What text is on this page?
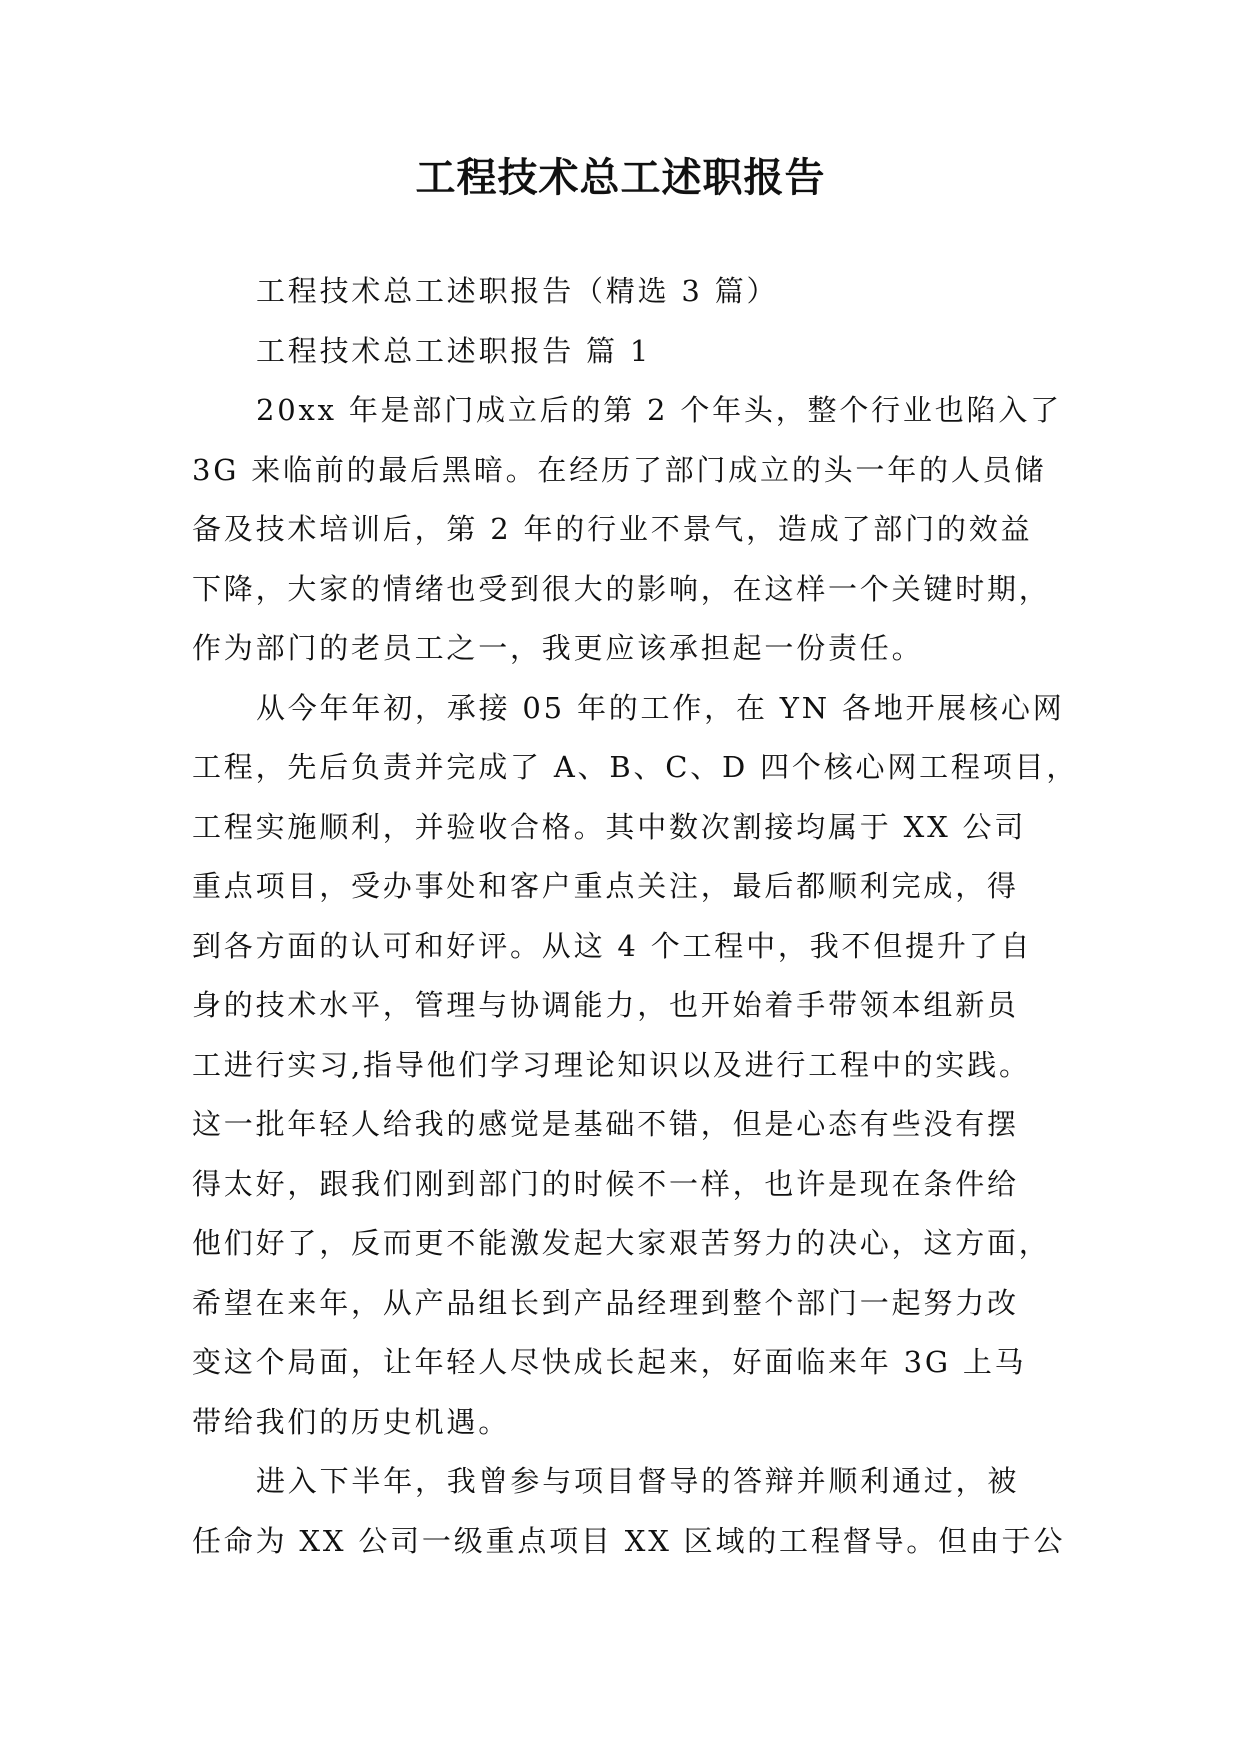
工程技术总工述职报告
工程技术总工述职报告（精选 3 篇）
工程技术总工述职报告 篇 1
20xx 年是部门成立后的第 2 个年头，整个行业也陷入了
3G 来临前的最后黑暗。在经历了部门成立的头一年的人员储
备及技术培训后，第 2 年的行业不景气，造成了部门的效益
下降，大家的情绪也受到很大的影响，在这样一个关键时期，
作为部门的老员工之一，我更应该承担起一份责任。
从今年年初，承接 05 年的工作，在 YN 各地开展核心网
工程，先后负责并完成了 A、B、C、D 四个核心网工程项目，
工程实施顺利，并验收合格。其中数次割接均属于 XX 公司
重点项目，受办事处和客户重点关注，最后都顺利完成，得
到各方面的认可和好评。从这 4 个工程中，我不但提升了自
身的技术水平，管理与协调能力，也开始着手带领本组新员
工进行实习,指导他们学习理论知识以及进行工程中的实践。
这一批年轻人给我的感觉是基础不错，但是心态有些没有摆
得太好，跟我们刚到部门的时候不一样，也许是现在条件给
他们好了，反而更不能激发起大家艰苦努力的决心，这方面，
希望在来年，从产品组长到产品经理到整个部门一起努力改
变这个局面，让年轻人尽快成长起来，好面临来年 3G 上马
带给我们的历史机遇。
进入下半年，我曾参与项目督导的答辩并顺利通过，被
任命为 XX 公司一级重点项目 XX 区域的工程督导。但由于公
